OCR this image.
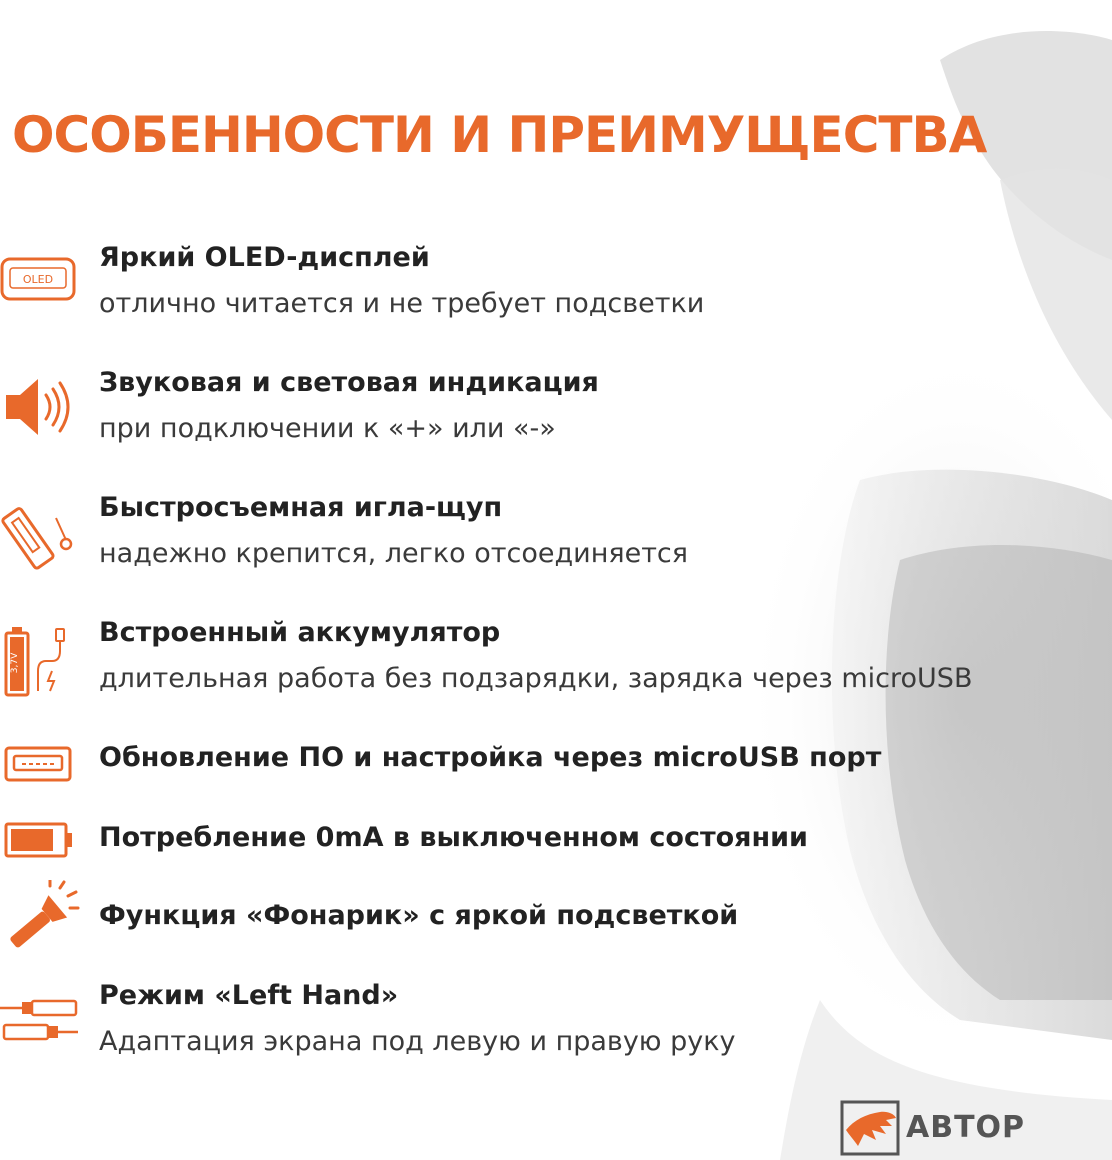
ОСОБЕННОСТИ И ПРЕИМУЩЕСТВА
OLED

Яркий OLED-дисплей

отлично читается и не требует подсветки

Звуковая и световая индикация

при подключении к «+» или «-»

Быстросъемная игла-щуп

надежно крепится, легко отсоединяется

3,7V

Встроенный аккумулятор

длительная работа без подзарядки, зарядка через microUSB

Обновление ПО и настройка через microUSB порт

Потребление 0mA в выключенном состоянии

Функция «Фонарик» с яркой подсветкой

Режим «Left Hand»

Адаптация экрана под левую и правую руку

АВТОР
